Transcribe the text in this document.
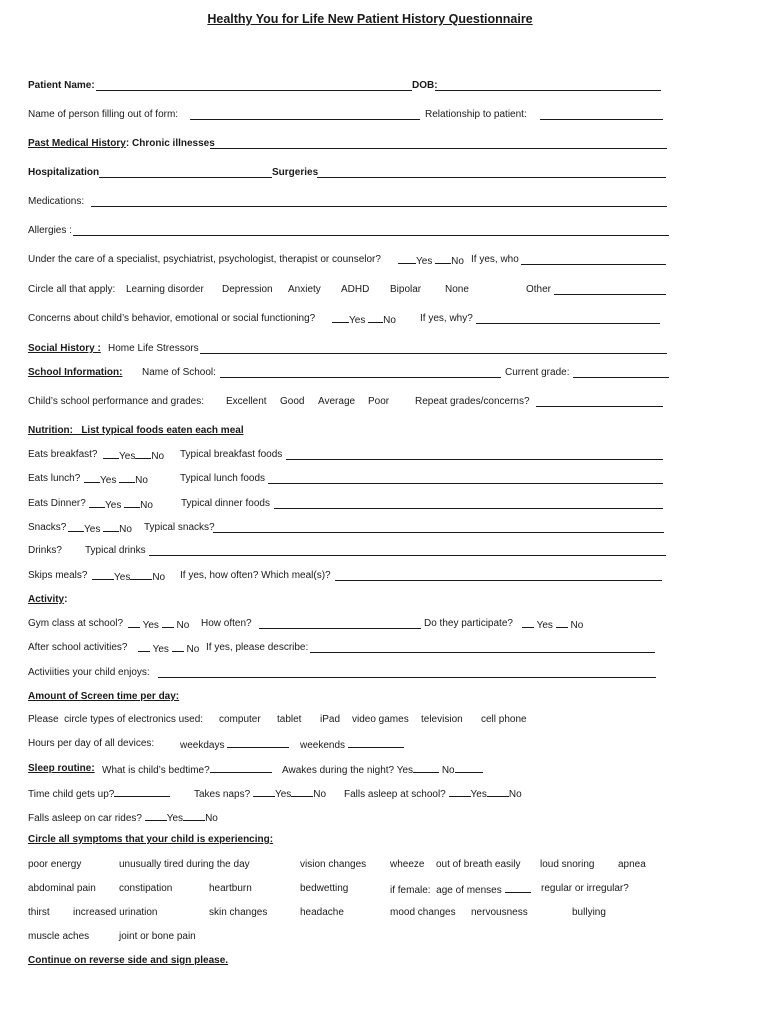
Healthy You for Life New Patient History Questionnaire
Patient Name:	DOB:
Name of person filling out of form:	Relationship to patient:
Past Medical History: Chronic illnesses
Hospitalization	Surgeries
Medications:
Allergies :
Under the care of a specialist, psychiatrist, psychologist, therapist or counselor?	Yes No If yes, who
Circle all that apply: Learning disorder Depression Anxiety ADHD Bipolar None	Other
Concerns about child’s behavior, emotional or social functioning?	Yes No If yes, why?
Social History : Home Life Stressors
School Information: Name of School:	Current grade:
Child’s school performance and grades: Excellent Good Average Poor	Repeat grades/concerns?
Nutrition:   List typical foods eaten each meal
Eats breakfast?	Yes No Typical breakfast foods
Eats lunch?	Yes No	Typical lunch foods
Eats Dinner?	Yes No	Typical dinner foods
Snacks?	Yes No Typical snacks?
Drinks? Typical drinks
Skips meals?	Yes No If yes, how often? Which meal(s)?
Activity:
Gym class at school?	Yes No How often?	Do they participate?	Yes No
After school activities?	Yes No If yes, please describe:
Activiities your child enjoys:
Amount of Screen time per day:
Please  circle types of electronics used: computer tablet iPad video games television cell phone
Hours per day of all devices:	weekdays	weekends
Sleep routine: What is child’s bedtime?	Awakes during the night? Yes	No
Time child gets up?	Takes naps? Yes No Falls asleep at school? Yes No
Falls asleep on car rides? Yes No
Circle all symptoms that your child is experiencing:
poor energy	unusually tired during the day	vision changes wheeze out of breath easily loud snoring apnea
abdominal pain constipation	heartburn	bedwetting	if female:  age of menses	regular or irregular?
thirst increased urination	skin changes	headache	mood changes nervousness	bullying
muscle aches	joint or bone pain
Continue on reverse side and sign please.
